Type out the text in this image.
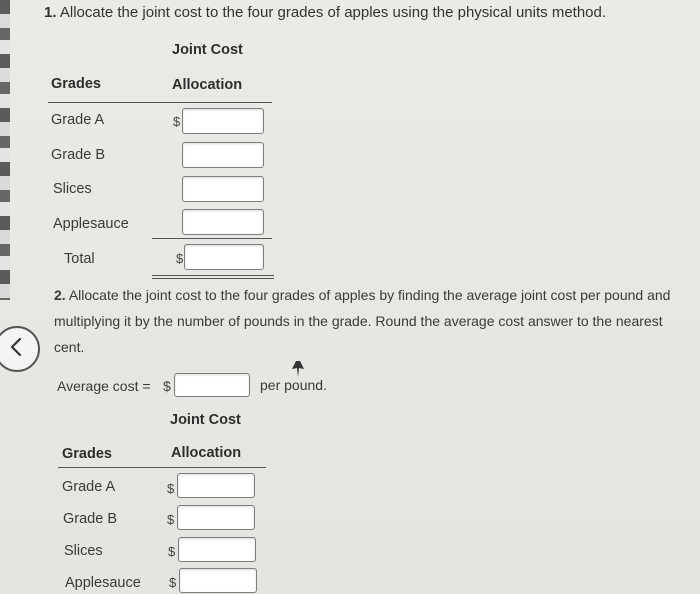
1. Allocate the joint cost to the four grades of apples using the physical units method.
Joint Cost
Grades	Allocation
Grade A	$
Grade B
Slices
Applesauce
Total	$
2. Allocate the joint cost to the four grades of apples by finding the average joint cost per pound and multiplying it by the number of pounds in the grade. Round the average cost answer to the nearest cent.
Average cost = $	per pound.
Joint Cost
Grades	Allocation
Grade A	$
Grade B	$
Slices	$
Applesauce $
